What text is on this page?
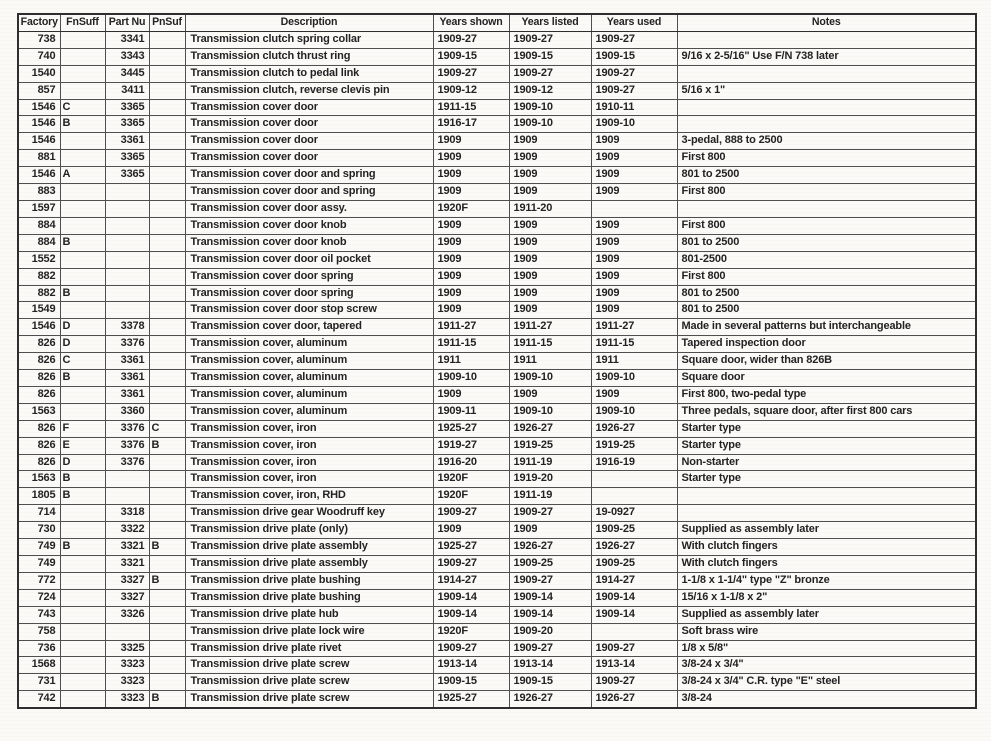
Factory	FnSuff	Part Nu	PnSuf	Description	Years shown	Years listed	Years used	Notes
738		3341		Transmission clutch spring collar	1909-27	1909-27	1909-27	
740		3343		Transmission clutch thrust ring	1909-15	1909-15	1909-15	9/16 x 2-5/16" Use F/N 738 later
1540		3445		Transmission clutch to pedal link	1909-27	1909-27	1909-27	
857		3411		Transmission clutch, reverse clevis pin	1909-12	1909-12	1909-27	5/16 x 1"
1546	C	3365		Transmission cover door	1911-15	1909-10	1910-11	
1546	B	3365		Transmission cover door	1916-17	1909-10	1909-10	
1546		3361		Transmission cover door	1909	1909	1909	3-pedal, 888 to 2500
881		3365		Transmission cover door	1909	1909	1909	First 800
1546	A	3365		Transmission cover door and spring	1909	1909	1909	801 to 2500
883				Transmission cover door and spring	1909	1909	1909	First 800
1597				Transmission cover door assy.	1920F	1911-20		
884				Transmission cover door knob	1909	1909	1909	First 800
884	B			Transmission cover door knob	1909	1909	1909	801 to 2500
1552				Transmission cover door oil pocket	1909	1909	1909	801-2500
882				Transmission cover door spring	1909	1909	1909	First 800
882	B			Transmission cover door spring	1909	1909	1909	801 to 2500
1549				Transmission cover door stop screw	1909	1909	1909	801 to 2500
1546	D	3378		Transmission cover door, tapered	1911-27	1911-27	1911-27	Made in several patterns but interchangeable
826	D	3376		Transmission cover, aluminum	1911-15	1911-15	1911-15	Tapered inspection door
826	C	3361		Transmission cover, aluminum	1911	1911	1911	Square door, wider than 826B
826	B	3361		Transmission cover, aluminum	1909-10	1909-10	1909-10	Square door
826		3361		Transmission cover, aluminum	1909	1909	1909	First 800, two-pedal type
1563		3360		Transmission cover, aluminum	1909-11	1909-10	1909-10	Three pedals, square door, after first 800 cars
826	F	3376	C	Transmission cover, iron	1925-27	1926-27	1926-27	Starter type
826	E	3376	B	Transmission cover, iron	1919-27	1919-25	1919-25	Starter type
826	D	3376		Transmission cover, iron	1916-20	1911-19	1916-19	Non-starter
1563	B			Transmission cover, iron	1920F	1919-20		Starter type
1805	B			Transmission cover, iron, RHD	1920F	1911-19		
714		3318		Transmission drive gear Woodruff key	1909-27	1909-27	19-0927	
730		3322		Transmission drive plate (only)	1909	1909	1909-25	Supplied as assembly later
749	B	3321	B	Transmission drive plate assembly	1925-27	1926-27	1926-27	With clutch fingers
749		3321		Transmission drive plate assembly	1909-27	1909-25	1909-25	With clutch fingers
772		3327	B	Transmission drive plate bushing	1914-27	1909-27	1914-27	1-1/8 x 1-1/4" type "Z" bronze
724		3327		Transmission drive plate bushing	1909-14	1909-14	1909-14	15/16 x 1-1/8 x 2"
743		3326		Transmission drive plate hub	1909-14	1909-14	1909-14	Supplied as assembly later
758				Transmission drive plate lock wire	1920F	1909-20		Soft brass wire
736		3325		Transmission drive plate rivet	1909-27	1909-27	1909-27	1/8 x 5/8"
1568		3323		Transmission drive plate screw	1913-14	1913-14	1913-14	3/8-24 x 3/4"
731		3323		Transmission drive plate screw	1909-15	1909-15	1909-27	3/8-24 x 3/4" C.R. type "E" steel
742		3323	B	Transmission drive plate screw	1925-27	1926-27	1926-27	3/8-24
